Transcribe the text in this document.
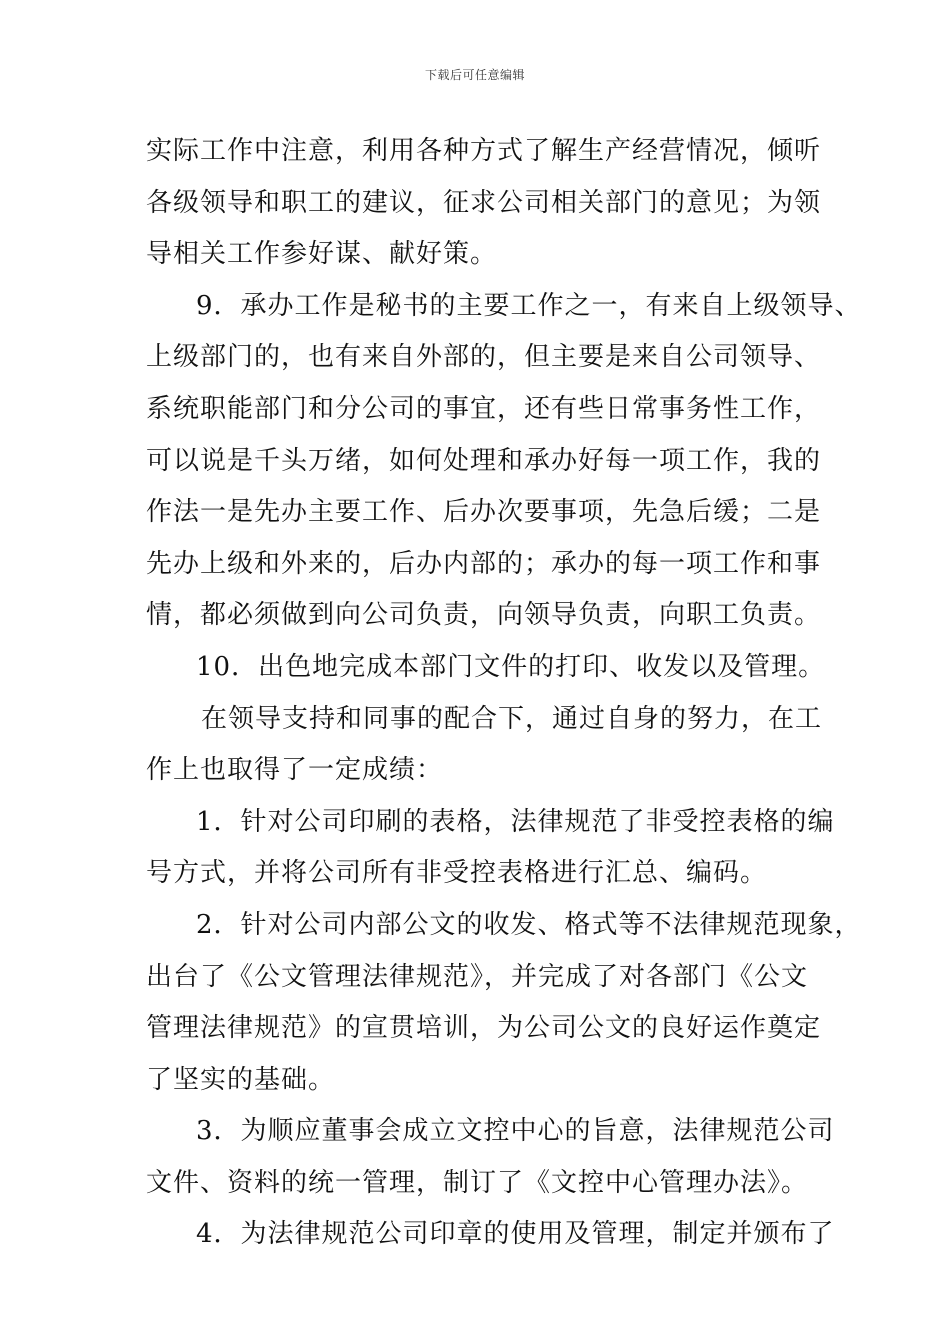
下载后可任意编辑
实际工作中注意，利用各种方式了解生产经营情况，倾听
各级领导和职工的建议，征求公司相关部门的意见；为领
导相关工作参好谋、献好策。
9．承办工作是秘书的主要工作之一，有来自上级领导、
上级部门的，也有来自外部的，但主要是来自公司领导、
系统职能部门和分公司的事宜，还有些日常事务性工作，
可以说是千头万绪，如何处理和承办好每一项工作，我的
作法一是先办主要工作、后办次要事项，先急后缓；二是
先办上级和外来的，后办内部的；承办的每一项工作和事
情，都必须做到向公司负责，向领导负责，向职工负责。
10．出色地完成本部门文件的打印、收发以及管理。
在领导支持和同事的配合下，通过自身的努力，在工
作上也取得了一定成绩：
1．针对公司印刷的表格，法律规范了非受控表格的编
号方式，并将公司所有非受控表格进行汇总、编码。
2．针对公司内部公文的收发、格式等不法律规范现象，
出台了《公文管理法律规范》，并完成了对各部门《公文
管理法律规范》的宣贯培训，为公司公文的良好运作奠定
了坚实的基础。
3．为顺应董事会成立文控中心的旨意，法律规范公司
文件、资料的统一管理，制订了《文控中心管理办法》。
4．为法律规范公司印章的使用及管理，制定并颁布了
